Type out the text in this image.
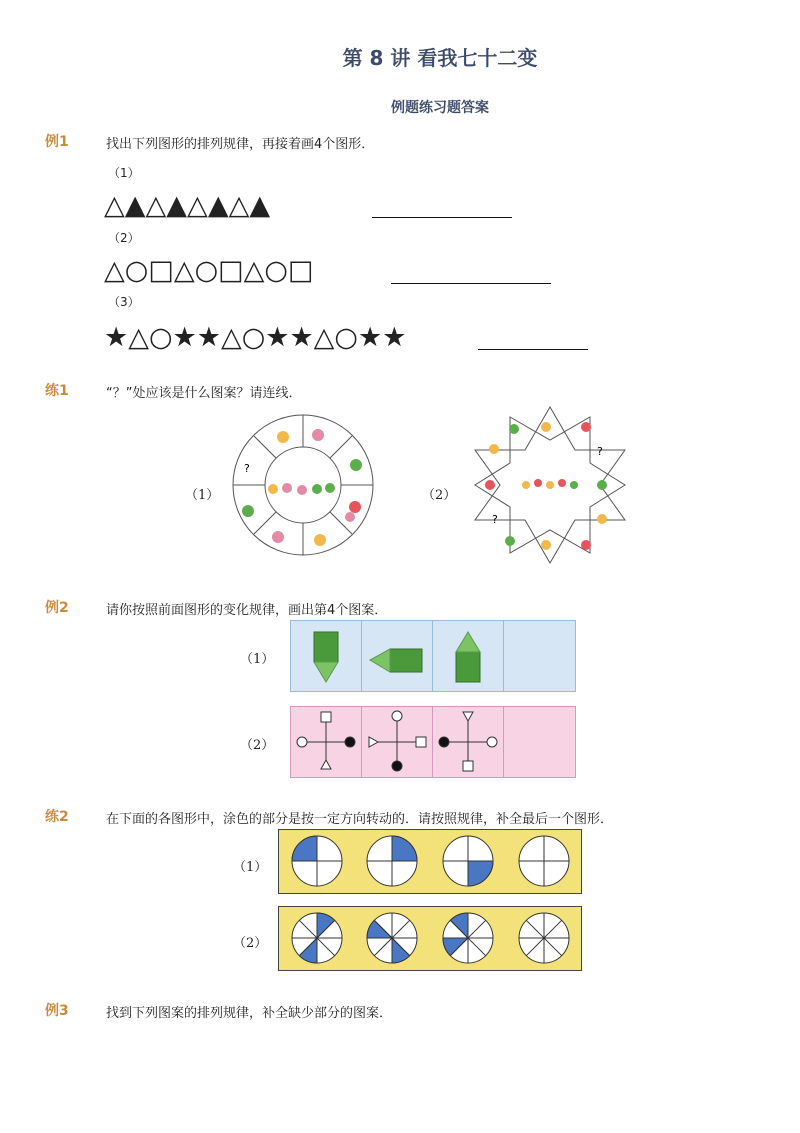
第 8 讲 看我七十二变
例题练习题答案
例1	找出下列图形的排列规律，再接着画4个图形．
（1）
△▲△▲△▲△▲
（2）
△○□△○□△○□
（3）
★△○★★△○★★△○★★
练1	“？”处应该是什么图案？请连线．
（1）
?
（2）
?
?
例2	请你按照前面图形的变化规律，画出第4个图案．
（1）
（2）
练2	在下面的各图形中，涂色的部分是按一定方向转动的．请按照规律，补全最后一个图形．
（1）
（2）
例3	找到下列图案的排列规律，补全缺少部分的图案．
